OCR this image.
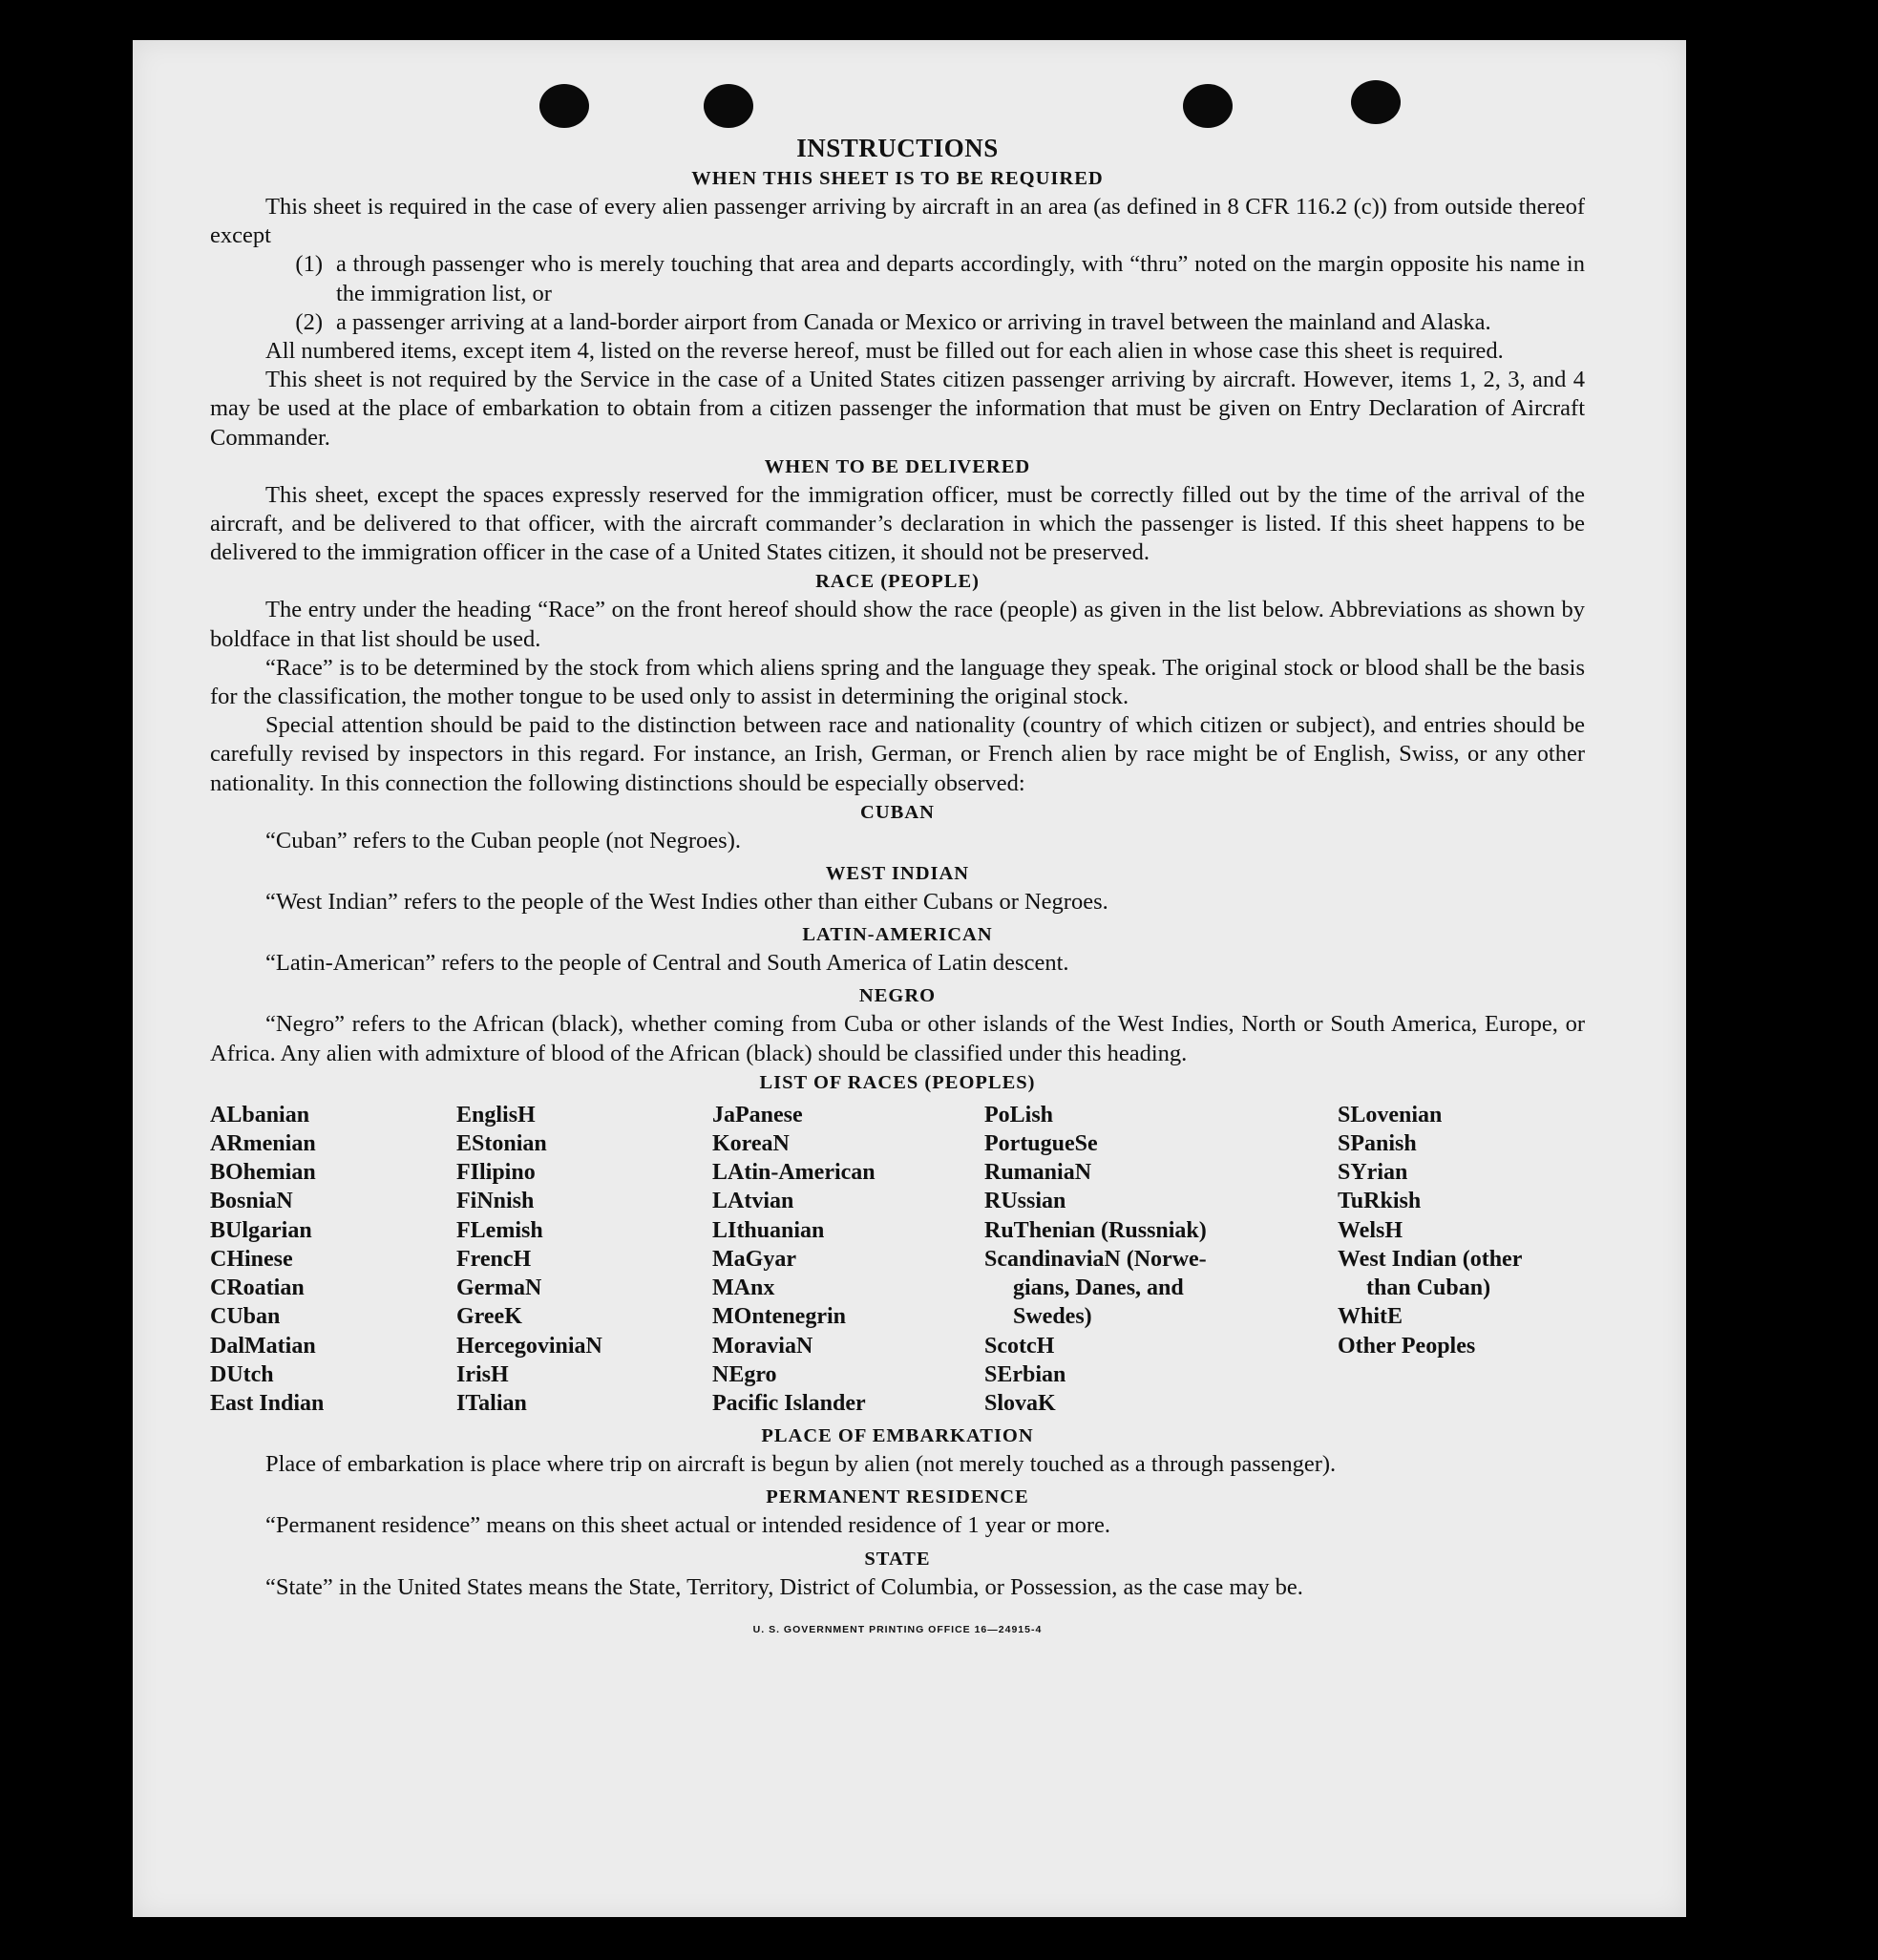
INSTRUCTIONS
WHEN THIS SHEET IS TO BE REQUIRED

This sheet is required in the case of every alien passenger arriving by aircraft in an area (as defined in 8 CFR 116.2 (c)) from outside thereof except

(1) a through passenger who is merely touching that area and departs accordingly, with “thru” noted on the margin opposite his name in the immigration list, or
(2) a passenger arriving at a land-border airport from Canada or Mexico or arriving in travel between the mainland and Alaska.

All numbered items, except item 4, listed on the reverse hereof, must be filled out for each alien in whose case this sheet is required.

This sheet is not required by the Service in the case of a United States citizen passenger arriving by aircraft. However, items 1, 2, 3, and 4 may be used at the place of embarkation to obtain from a citizen passenger the information that must be given on Entry Declaration of Aircraft Commander.

WHEN TO BE DELIVERED

This sheet, except the spaces expressly reserved for the immigration officer, must be correctly filled out by the time of the arrival of the aircraft, and be delivered to that officer, with the aircraft commander’s declaration in which the passenger is listed. If this sheet happens to be delivered to the immigration officer in the case of a United States citizen, it should not be preserved.

RACE (PEOPLE)

The entry under the heading “Race” on the front hereof should show the race (people) as given in the list below. Abbreviations as shown by boldface in that list should be used.

“Race” is to be determined by the stock from which aliens spring and the language they speak. The original stock or blood shall be the basis for the classification, the mother tongue to be used only to assist in determining the original stock.

Special attention should be paid to the distinction between race and nationality (country of which citizen or subject), and entries should be carefully revised by inspectors in this regard. For instance, an Irish, German, or French alien by race might be of English, Swiss, or any other nationality. In this connection the following distinctions should be especially observed:

CUBAN

“Cuban” refers to the Cuban people (not Negroes).

WEST INDIAN

“West Indian” refers to the people of the West Indies other than either Cubans or Negroes.

LATIN-AMERICAN

“Latin-American” refers to the people of Central and South America of Latin descent.

NEGRO

“Negro” refers to the African (black), whether coming from Cuba or other islands of the West Indies, North or South America, Europe, or Africa. Any alien with admixture of blood of the African (black) should be classified under this heading.

LIST OF RACES (PEOPLES)
ALbanian
ARmenian
BOhemian
BosniaN
BUlgarian
CHinese
CRoatian
CUban
DalMatian
DUtch
East Indian
EnglisH
EStonian
FIlipino
FiNnish
FLemish
FrencH
GermaN
GreeK
HercegoviniaN
IrisH
ITalian
JaPanese
KoreaN
LAtin-American
LAtvian
LIthuanian
MaGyar
MAnx
MOntenegrin
MoraviaN
NEgro
Pacific Islander
PoLish
PortugueSe
RumaniaN
RUssian
RuThenian (Russniak)
ScandinaviaN (Norwe-
gians, Danes, and
Swedes)
ScotcH
SErbian
SlovaK
SLovenian
SPanish
SYrian
TuRkish
WelsH
West Indian (other
than Cuban)
WhitE
Other Peoples
PLACE OF EMBARKATION

Place of embarkation is place where trip on aircraft is begun by alien (not merely touched as a through passenger).

PERMANENT RESIDENCE

“Permanent residence” means on this sheet actual or intended residence of 1 year or more.

STATE

“State” in the United States means the State, Territory, District of Columbia, or Possession, as the case may be.

U. S. GOVERNMENT PRINTING OFFICE 16—24915-4
